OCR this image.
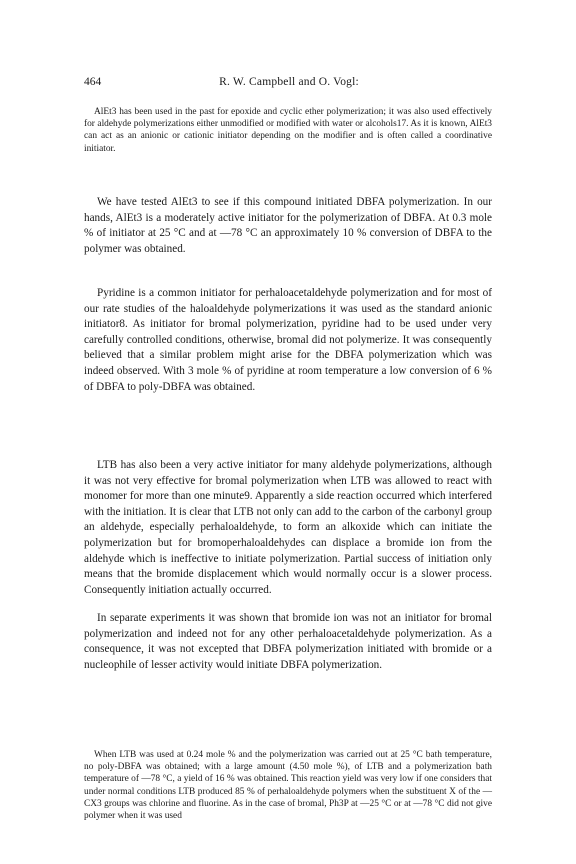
464	R. W. Campbell and O. Vogl:

AlEt3 has been used in the past for epoxide and cyclic ether polymerization; it was also used effectively for aldehyde polymerizations either unmodified or modified with water or alcohols17. As it is known, AlEt3 can act as an anionic or cationic initiator depending on the modifier and is often called a coordinative initiator.

We have tested AlEt3 to see if this compound initiated DBFA polymerization. In our hands, AlEt3 is a moderately active initiator for the polymerization of DBFA. At 0.3 mole % of initiator at 25 °C and at —78 °C an approximately 10 % conversion of DBFA to the polymer was obtained.

Pyridine is a common initiator for perhaloacetaldehyde polymerization and for most of our rate studies of the haloaldehyde polymerizations it was used as the standard anionic initiator8. As initiator for bromal polymerization, pyridine had to be used under very carefully controlled conditions, otherwise, bromal did not polymerize. It was consequently believed that a similar problem might arise for the DBFA polymerization which was indeed observed. With 3 mole % of pyridine at room temperature a low conversion of 6 % of DBFA to poly-DBFA was obtained.

LTB has also been a very active initiator for many aldehyde polymerizations, although it was not very effective for bromal polymerization when LTB was allowed to react with monomer for more than one minute9. Apparently a side reaction occurred which interfered with the initiation. It is clear that LTB not only can add to the carbon of the carbonyl group an aldehyde, especially perhaloaldehyde, to form an alkoxide which can initiate the polymerization but for bromoperhaloaldehydes can displace a bromide ion from the aldehyde which is ineffective to initiate polymerization. Partial success of initiation only means that the bromide displacement which would normally occur is a slower process. Consequently initiation actually occurred.

In separate experiments it was shown that bromide ion was not an initiator for bromal polymerization and indeed not for any other perhaloacetaldehyde polymerization. As a consequence, it was not excepted that DBFA polymerization initiated with bromide or a nucleophile of lesser activity would initiate DBFA polymerization.

When LTB was used at 0.24 mole % and the polymerization was carried out at 25 °C bath temperature, no poly-DBFA was obtained; with a large amount (4.50 mole %), of LTB and a polymerization bath temperature of —78 °C, a yield of 16 % was obtained. This reaction yield was very low if one considers that under normal conditions LTB produced 85 % of perhaloaldehyde polymers when the substituent X of the —CX3 groups was chlorine and fluorine. As in the case of bromal, Ph3P at —25 °C or at —78 °C did not give polymer when it was used
